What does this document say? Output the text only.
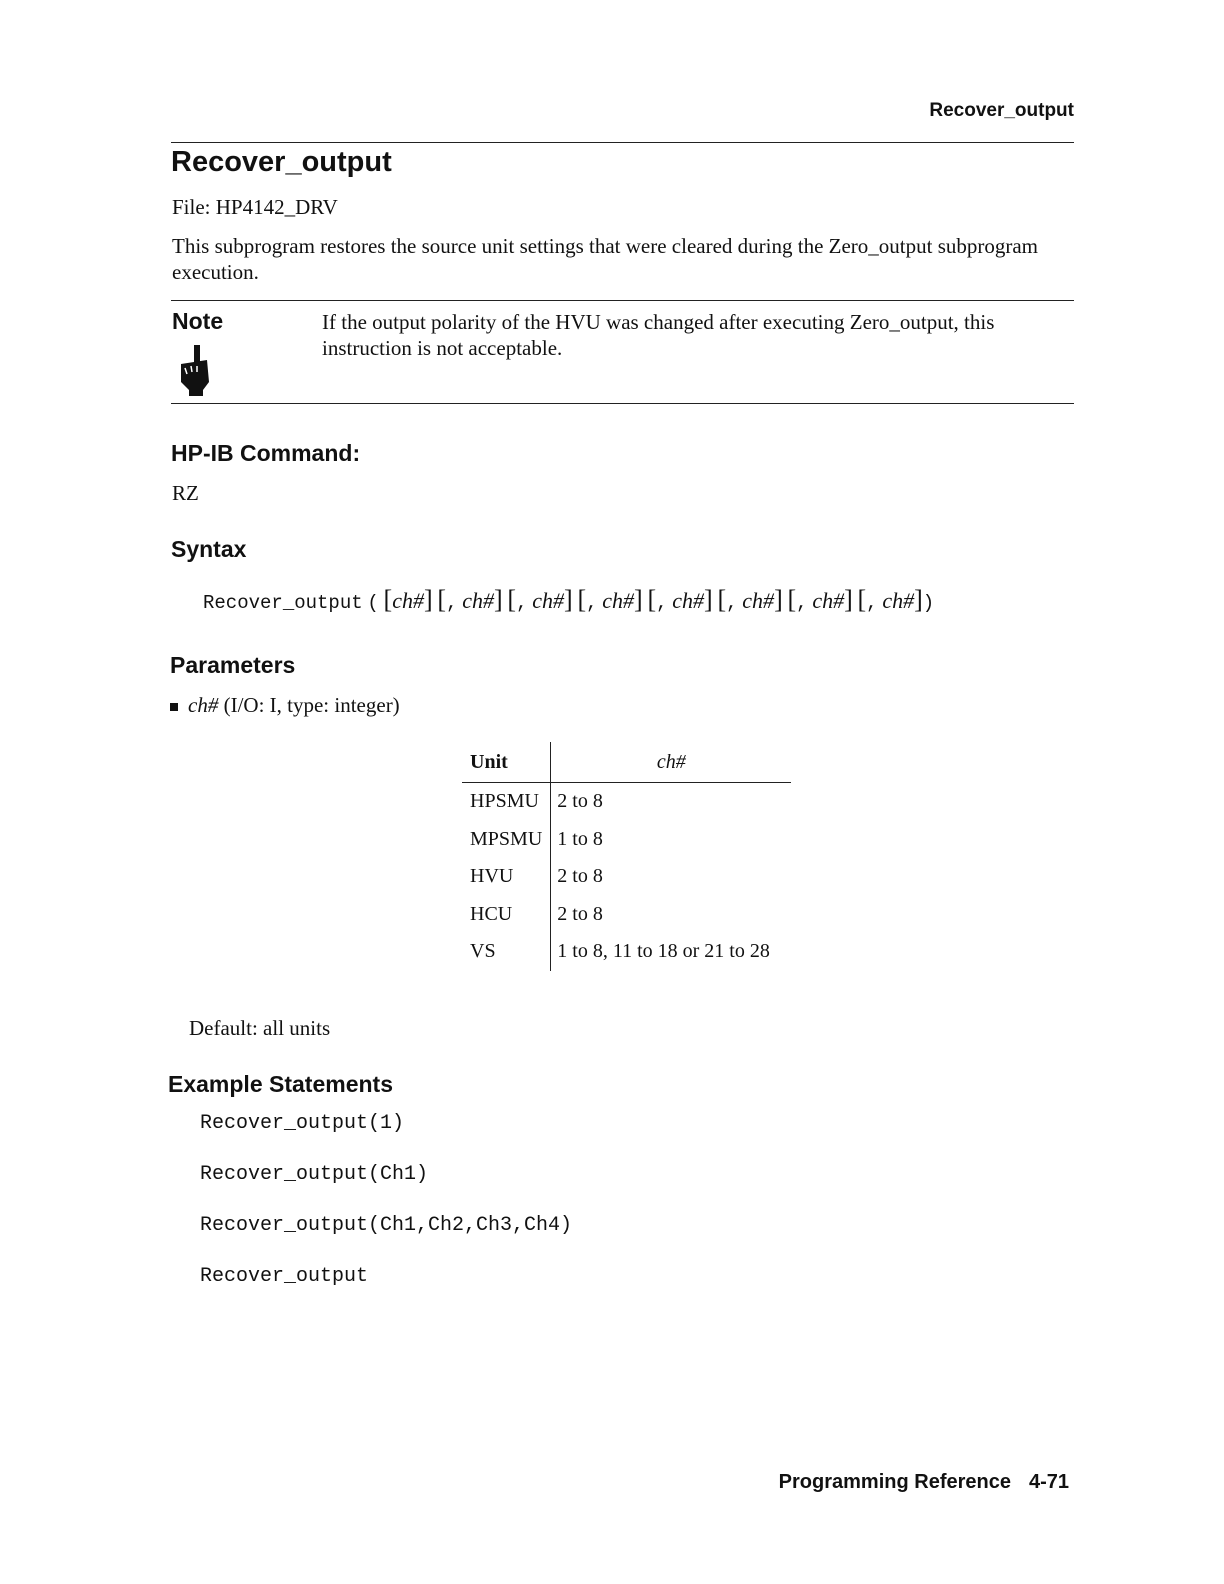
Recover_output
Recover_output
File: HP4142_DRV
This subprogram restores the source unit settings that were cleared during the Zero_output subprogram execution.
Note	If the output polarity of the HVU was changed after executing Zero_output, this instruction is not acceptable.
HP-IB Command:
RZ
Syntax
Recover_output ( [ch#] [, ch#] [, ch#] [, ch#] [, ch#] [, ch#] [, ch#] [, ch#])
Parameters
ch# (I/O: I, type: integer)
Unit	ch#
HPSMU	2 to 8
MPSMU	1 to 8
HVU	2 to 8
HCU	2 to 8
VS	1 to 8, 11 to 18 or 21 to 28
Default: all units
Example Statements
Recover_output(1)
Recover_output(Ch1)
Recover_output(Ch1,Ch2,Ch3,Ch4)
Recover_output
Programming Reference 4-71
